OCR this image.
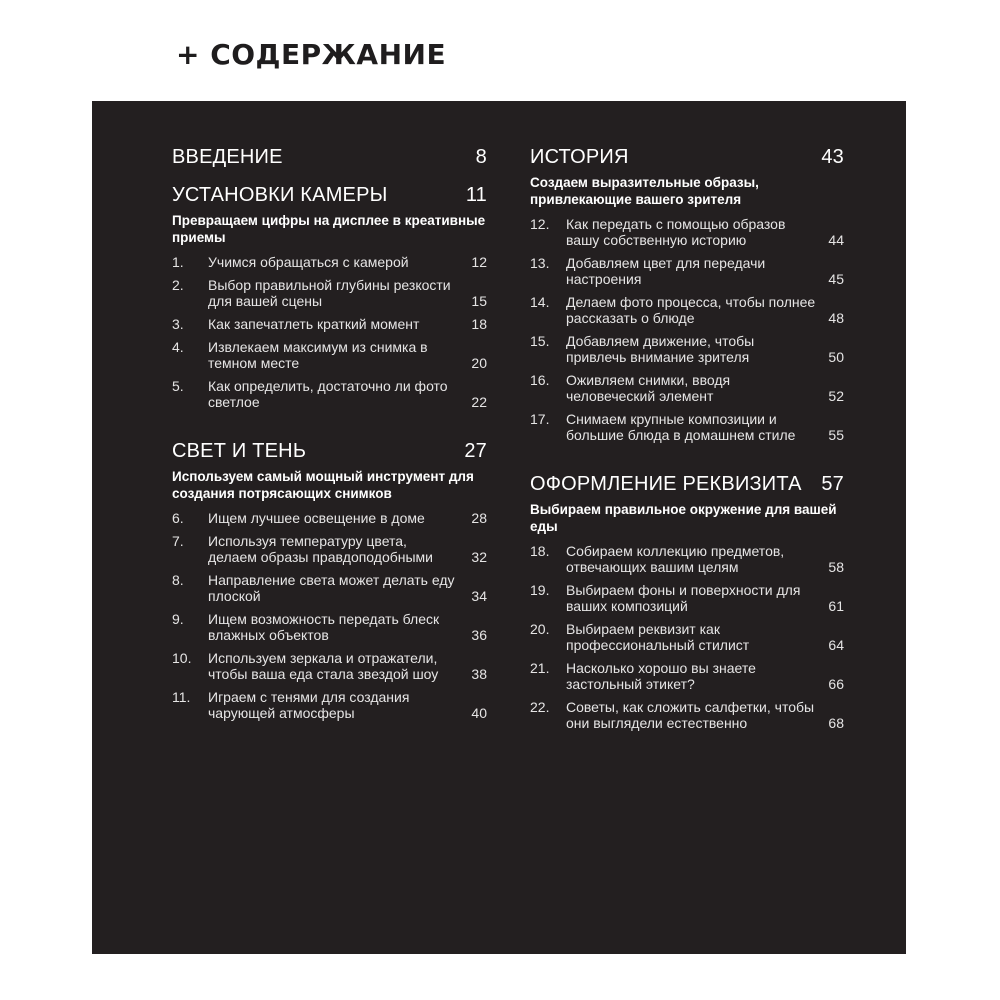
+ СОДЕРЖАНИЕ
ВВЕДЕНИЕ	8
УСТАНОВКИ КАМЕРЫ	11
Превращаем цифры на дисплее в креативные приемы
1. Учимся обращаться с камерой	12
2. Выбор правильной глубины резкости для вашей сцены	15
3. Как запечатлеть краткий момент	18
4. Извлекаем максимум из снимка в темном месте	20
5. Как определить, достаточно ли фото светлое	22
СВЕТ И ТЕНЬ	27
Используем самый мощный инструмент для создания потрясающих снимков
6. Ищем лучшее освещение в доме	28
7. Используя температуру цвета, делаем образы правдоподобными	32
8. Направление света может делать еду плоской	34
9. Ищем возможность передать блеск влажных объектов	36
10. Используем зеркала и отражатели, чтобы ваша еда стала звездой шоу 38
11. Играем с тенями для создания чарующей атмосферы	40
ИСТОРИЯ	43
Создаем выразительные образы, привлекающие вашего зрителя
12. Как передать с помощью образов вашу собственную историю	44
13. Добавляем цвет для передачи настроения	45
14. Делаем фото процесса, чтобы полнее рассказать о блюде	48
15. Добавляем движение, чтобы привлечь внимание зрителя	50
16. Оживляем снимки, вводя человеческий элемент	52
17. Снимаем крупные композиции и большие блюда в домашнем стиле 55
ОФОРМЛЕНИЕ РЕКВИЗИТА 57
Выбираем правильное окружение для вашей еды
18. Собираем коллекцию предметов, отвечающих вашим целям	58
19. Выбираем фоны и поверхности для ваших композиций	61
20. Выбираем реквизит как профессиональный стилист	64
21. Насколько хорошо вы знаете застольный этикет?	66
22. Советы, как сложить салфетки, чтобы они выглядели естественно	68
